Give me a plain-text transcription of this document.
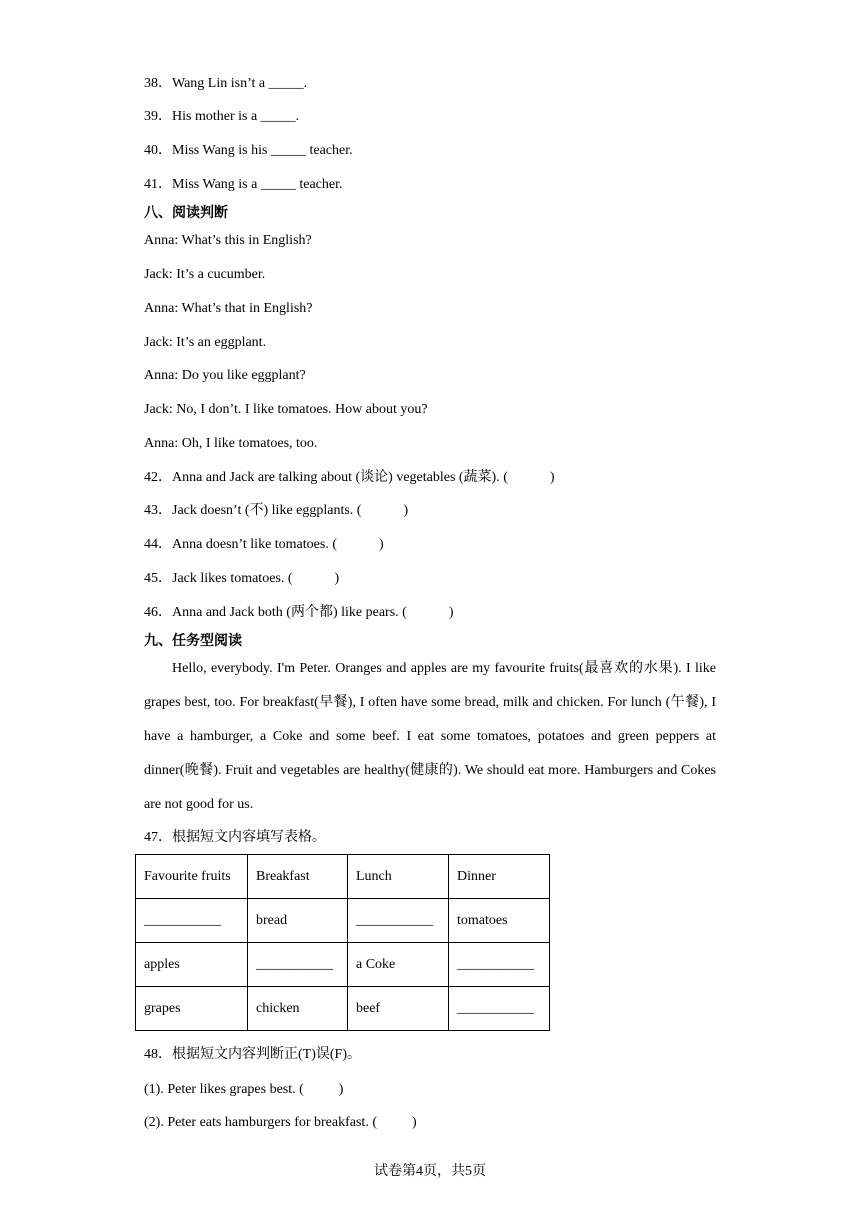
38．Wang Lin isn’t a _____.
39．His mother is a _____.
40．Miss Wang is his _____ teacher.
41．Miss Wang is a _____ teacher.
八、阅读判断
Anna: What’s this in English?
Jack: It’s a cucumber.
Anna: What’s that in English?
Jack: It’s an eggplant.
Anna: Do you like eggplant?
Jack: No, I don’t. I like tomatoes. How about you?
Anna: Oh, I like tomatoes, too.
42．Anna and Jack are talking about (谈论) vegetables (蔬菜). (            )
43．Jack doesn’t (不) like eggplants. (            )
44．Anna doesn’t like tomatoes. (            )
45．Jack likes tomatoes. (            )
46．Anna and Jack both (两个都) like pears. (            )
九、任务型阅读
Hello, everybody. I'm Peter. Oranges and apples are my favourite fruits(最喜欢的水果). I like grapes best, too. For breakfast(早餐), I often have some bread, milk and chicken. For lunch (午餐), I have a hamburger, a Coke and some beef. I eat some tomatoes, potatoes and green peppers at dinner(晚餐). Fruit and vegetables are healthy(健康的). We should eat more. Hamburgers and Cokes are not good for us.
47．根据短文内容填写表格。
Favourite fruits	Breakfast	Lunch	Dinner
___________	bread	___________	tomatoes
apples	___________	a Coke	___________
grapes	chicken	beef	___________
48．根据短文内容判断正(T)误(F)。
(1). Peter likes grapes best. (          )
(2). Peter eats hamburgers for breakfast. (          )
试卷第4页，共5页
